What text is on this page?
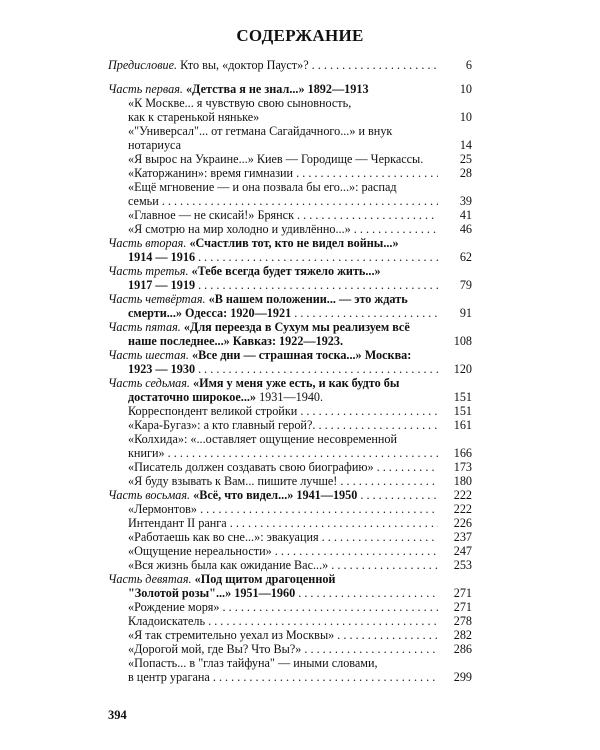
СОДЕРЖАНИЕ
Предисловие. Кто вы, «доктор Пауст»? . . .	6
Часть первая. «Детства я не знал...» 1892—1913	10
«К Москве... я чувствую свою сыновность,
как к старенькой няньке»	10
«"Универсал"... от гетмана Сагайдачного...» и внук
нотариуса	14
«Я вырос на Украине...» Киев — Городище — Черкассы.	25
«Каторжанин»: время гимназии . . .	28
«Ещё мгновение — и она позвала бы его...»: распад
семьи . . .	39
«Главное — не скисай!» Брянск . . .	41
«Я смотрю на мир холодно и удивлённо...» . . .	46
Часть вторая. «Счастлив тот, кто не видел войны...»
1914 — 1916 . . .	62
Часть третья. «Тебе всегда будет тяжело жить...»
1917 — 1919 . . .	79
Часть четвёртая. «В нашем положении... — это ждать
смерти...» Одесса: 1920—1921 . . .	91
Часть пятая. «Для переезда в Сухум мы реализуем всё
наше последнее...» Кавказ: 1922—1923.	108
Часть шестая. «Все дни — страшная тоска...» Москва:
1923 — 1930 . . .	120
Часть седьмая. «Имя у меня уже есть, и как будто бы
достаточно широкое...» 1931—1940.	151
Корреспондент великой стройки . . .	151
«Кара-Бугаз»: а кто главный герой?. . . .	161
«Колхида»: «...оставляет ощущение несовременной
книги» . . .	166
«Писатель должен создавать свою биографию» . . .	173
«Я буду взывать к Вам... пишите лучше! . . .	180
Часть восьмая. «Всё, что видел...» 1941—1950 . . .	222
«Лермонтов» . . .	222
Интендант II ранга . . .	226
«Работаешь как во сне...»: эвакуация . . .	237
«Ощущение нереальности» . . .	247
«Вся жизнь была как ожидание Вас...» . . .	253
Часть девятая. «Под щитом драгоценной
"Золотой розы"...» 1951—1960 . . .	271
«Рождение моря» . . .	271
Кладоискатель . . .	278
«Я так стремительно уехал из Москвы» . . .	282
«Дорогой мой, где Вы? Что Вы?» . . .	286
«Попасть... в "глаз тайфуна" — иными словами,
в центр урагана . . .	299
394
